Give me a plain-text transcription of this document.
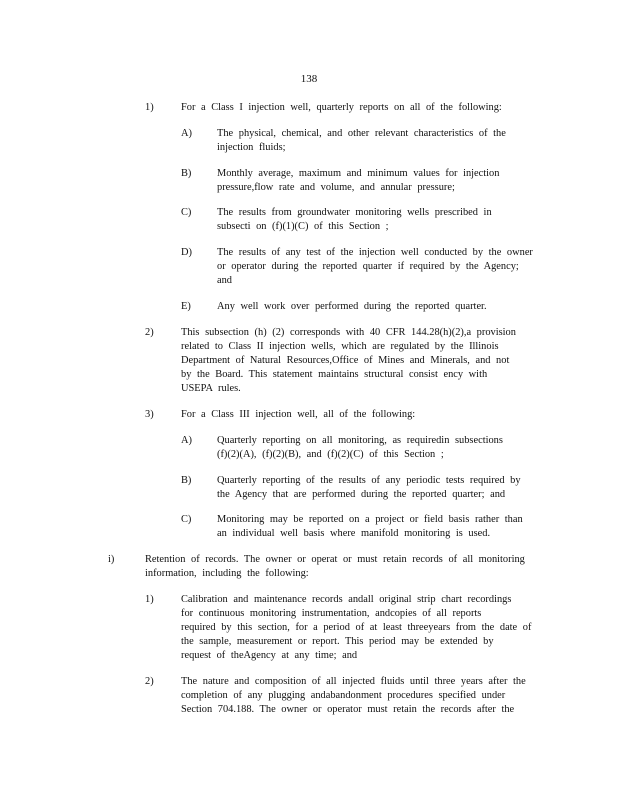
138
1)	For a Class I injection well, quarterly reports on all of the following:
A) The physical, chemical, and other relevant characteristics of the
injection fluids;
B) Monthly average, maximum and minimum values for injection
pressure,flow rate and volume, and annular pressure;
C) The results from groundwater monitoring wells prescribed in
subsecti on (f)(1)(C) of this Section ;
D) The results of any test of the injection well conducted by the owner
or operator during the reported quarter if required by the Agency;
and
E)	Any well work over performed during the reported quarter.
2)	This subsection (h) (2) corresponds with 40 CFR 144.28(h)(2),a provision
related to Class II injection wells, which are regulated by the Illinois
Department of Natural Resources,Office of Mines and Minerals, and not
by the Board. This statement maintains structural consist ency with
USEPA rules.
3)	For a Class III injection well, all of the following:
A) Quarterly reporting on all monitoring, as requiredin subsections
(f)(2)(A), (f)(2)(B), and (f)(2)(C) of this Section ;
B) Quarterly reporting of the results of any periodic tests required by
the Agency that are performed during the reported quarter; and
C) Monitoring may be reported on a project or field basis rather than
an individual well basis where manifold monitoring is used.
i)	Retention of records. The owner or operat or must retain records of all monitoring
information, including the following:
1)	Calibration and maintenance records andall original strip chart recordings
for continuous monitoring instrumentation, andcopies of all reports
required by this section, for a period of at least threeyears from the date of
the sample, measurement or report. This period may be extended by
request of theAgency at any time; and
2)	The nature and composition of all injected fluids until three years after the
completion of any plugging andabandonment procedures specified under
Section 704.188. The owner or operator must retain the records after the
